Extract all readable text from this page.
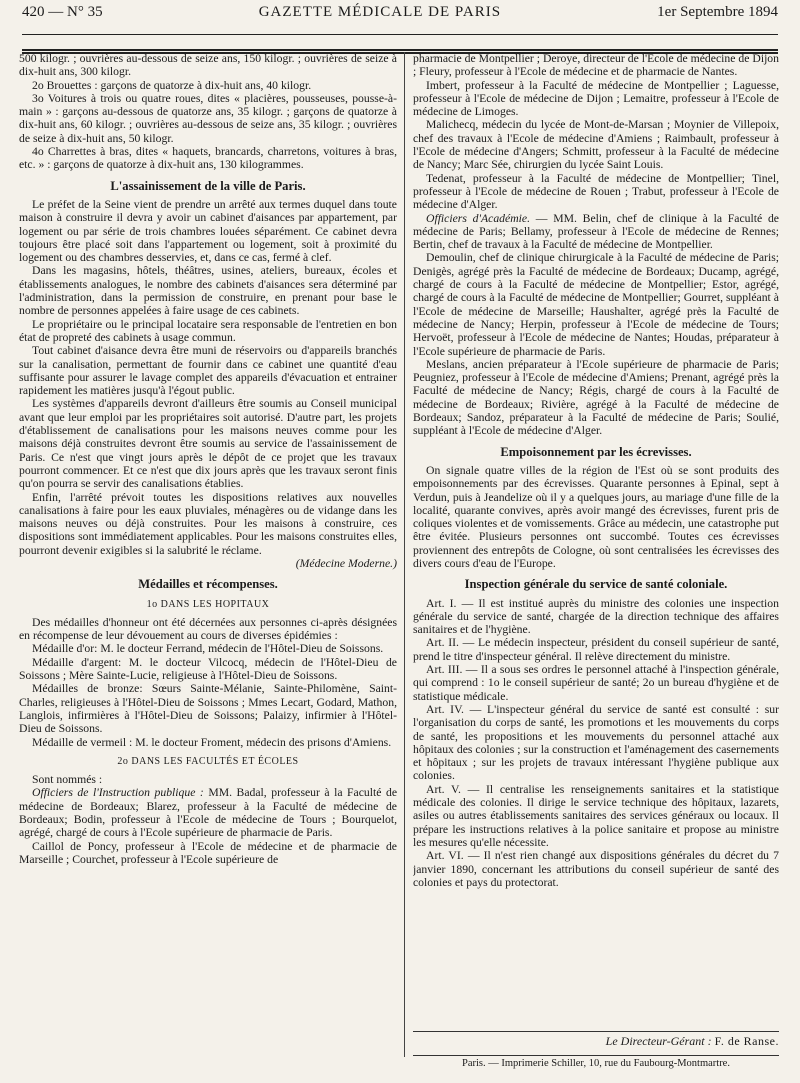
420 — N° 35	GAZETTE MÉDICALE DE PARIS	1er Septembre 1894

500 kilogr. ; ouvrières au-dessous de seize ans, 150 kilogr. ; ouvrières de seize à dix-huit ans, 300 kilogr.

2o Brouettes : garçons de quatorze à dix-huit ans, 40 kilogr.

3o Voitures à trois ou quatre roues, dites « placières, pousseuses, pousse-à-main » : garçons au-dessous de quatorze ans, 35 kilogr. ; garçons de quatorze à dix-huit ans, 60 kilogr. ; ouvrières au-dessous de seize ans, 35 kilogr. ; ouvrières de seize à dix-huit ans, 50 kilogr.

4o Charrettes à bras, dites « haquets, brancards, charretons, voitures à bras, etc. » : garçons de quatorze à dix-huit ans, 130 kilogrammes.

L'assainissement de la ville de Paris.

Le préfet de la Seine vient de prendre un arrêté aux termes duquel dans toute maison à construire il devra y avoir un cabinet d'aisances par appartement, par logement ou par série de trois chambres louées séparément. Ce cabinet devra toujours être placé soit dans l'appartement ou logement, soit à proximité du logement ou des chambres desservies, et, dans ce cas, fermé à clef.

Dans les magasins, hôtels, théâtres, usines, ateliers, bureaux, écoles et établissements analogues, le nombre des cabinets d'aisances sera déterminé par l'administration, dans la permission de construire, en prenant pour base le nombre de personnes appelées à faire usage de ces cabinets.

Le propriétaire ou le principal locataire sera responsable de l'entretien en bon état de propreté des cabinets à usage commun.

Tout cabinet d'aisance devra être muni de réservoirs ou d'appareils branchés sur la canalisation, permettant de fournir dans ce cabinet une quantité d'eau suffisante pour assurer le lavage complet des appareils d'évacuation et entrainer rapidement les matières jusqu'à l'égout public.

Les systèmes d'appareils devront d'ailleurs être soumis au Conseil municipal avant que leur emploi par les propriétaires soit autorisé. D'autre part, les projets d'établissement de canalisations pour les maisons neuves comme pour les maisons déjà construites devront être soumis au service de l'assainissement de Paris. Ce n'est que vingt jours après le dépôt de ce projet que les travaux pourront commencer. Et ce n'est que dix jours après que les travaux seront finis qu'on pourra se servir des canalisations établies.

Enfin, l'arrêté prévoit toutes les dispositions relatives aux nouvelles canalisations à faire pour les eaux pluviales, ménagères ou de vidange dans les maisons neuves ou déjà construites. Pour les maisons à construire, ces dispositions sont immédiatement applicables. Pour les maisons construites elles, pourront devenir exigibles si la salubrité le réclame.

(Médecine Moderne.)
Médailles et récompenses.
1o DANS LES HOPITAUX

Des médailles d'honneur ont été décernées aux personnes ci-après désignées en récompense de leur dévouement au cours de diverses épidémies :

Médaille d'or: M. le docteur Ferrand, médecin de l'Hôtel-Dieu de Soissons.

Médaille d'argent: M. le docteur Vilcocq, médecin de l'Hôtel-Dieu de Soissons ; Mère Sainte-Lucie, religieuse à l'Hôtel-Dieu de Soissons.

Médailles de bronze: Sœurs Sainte-Mélanie, Sainte-Philomène, Saint-Charles, religieuses à l'Hôtel-Dieu de Soissons ; Mmes Lecart, Godard, Mathon, Langlois, infirmières à l'Hôtel-Dieu de Soissons; Palaizy, infirmier à l'Hôtel-Dieu de Soissons.

Médaille de vermeil : M. le docteur Froment, médecin des prisons d'Amiens.

2o DANS LES FACULTÉS ET ÉCOLES

Sont nommés :

Officiers de l'Instruction publique : MM. Badal, professeur à la Faculté de médecine de Bordeaux; Blarez, professeur à la Faculté de médecine de Bordeaux; Bodin, professeur à l'Ecole de médecine de Tours ; Bourquelot, agrégé, chargé de cours à l'Ecole supérieure de pharmacie de Paris.

Caillol de Poncy, professeur à l'Ecole de médecine et de pharmacie de Marseille ; Courchet, professeur à l'Ecole supérieure de

pharmacie de Montpellier ; Deroye, directeur de l'Ecole de médecine de Dijon ; Fleury, professeur à l'Ecole de médecine et de pharmacie de Nantes.

Imbert, professeur à la Faculté de médecine de Montpellier ; Laguesse, professeur à l'Ecole de médecine de Dijon ; Lemaitre, professeur à l'Ecole de médecine de Limoges.

Malichecq, médecin du lycée de Mont-de-Marsan ; Moynier de Villepoix, chef des travaux à l'Ecole de médecine d'Amiens ; Raimbault, professeur à l'Ecole de médecine d'Angers; Schmitt, professeur à la Faculté de médecine de Nancy; Marc Sée, chirurgien du lycée Saint Louis.

Tedenat, professeur à la Faculté de médecine de Montpellier; Tinel, professeur à l'Ecole de médecine de Rouen ; Trabut, professeur à l'Ecole de médecine d'Alger.

Officiers d'Académie. — MM. Belin, chef de clinique à la Faculté de médecine de Paris; Bellamy, professeur à l'Ecole de médecine de Rennes; Bertin, chef de travaux à la Faculté de médecine de Montpellier.

Demoulin, chef de clinique chirurgicale à la Faculté de médecine de Paris; Denigès, agrégé près la Faculté de médecine de Bordeaux; Ducamp, agrégé, chargé de cours à la Faculté de médecine de Montpellier; Estor, agrégé, chargé de cours à la Faculté de médecine de Montpellier; Gourret, suppléant à l'Ecole de médecine de Marseille; Haushalter, agrégé près la Faculté de médecine de Nancy; Herpin, professeur à l'Ecole de médecine de Tours; Hervoët, professeur à l'Ecole de médecine de Nantes; Houdas, préparateur à l'Ecole supérieure de pharmacie de Paris.

Meslans, ancien préparateur à l'Ecole supérieure de pharmacie de Paris; Peugniez, professeur à l'Ecole de médecine d'Amiens; Prenant, agrégé près la Faculté de médecine de Nancy; Régis, chargé de cours à la Faculté de médecine de Bordeaux; Rivière, agrégé à la Faculté de médecine de Bordeaux; Sandoz, préparateur à la Faculté de médecine de Paris; Soulié, suppléant à l'Ecole de médecine d'Alger.

Empoisonnement par les écrevisses.

On signale quatre villes de la région de l'Est où se sont produits des empoisonnements par des écrevisses. Quarante personnes à Epinal, sept à Verdun, puis à Jeandelize où il y a quelques jours, au mariage d'une fille de la localité, quarante convives, après avoir mangé des écrevisses, furent pris de coliques violentes et de vomissements. Grâce au médecin, une catastrophe put être évitée. Plusieurs personnes ont succombé. Toutes ces écrevisses proviennent des entrepôts de Cologne, où sont centralisées les écrevisses des divers cours d'eau de l'Europe.

Inspection générale du service de santé coloniale.

Art. I. — Il est institué auprès du ministre des colonies une inspection générale du service de santé, chargée de la direction technique des affaires sanitaires et de l'hygiène.

Art. II. — Le médecin inspecteur, président du conseil supérieur de santé, prend le titre d'inspecteur général. Il relève directement du ministre.

Art. III. — Il a sous ses ordres le personnel attaché à l'inspection générale, qui comprend : 1o le conseil supérieur de santé; 2o un bureau d'hygiène et de statistique médicale.

Art. IV. — L'inspecteur général du service de santé est consulté : sur l'organisation du corps de santé, les promotions et les mouvements du corps de santé, les propositions et les mouvements du personnel attaché aux hôpitaux des colonies ; sur la construction et l'aménagement des casernements et hôpitaux ; sur les projets de travaux intéressant l'hygiène publique aux colonies.

Art. V. — Il centralise les renseignements sanitaires et la statistique médicale des colonies. Il dirige le service technique des hôpitaux, lazarets, asiles ou autres établissements sanitaires des services généraux ou locaux. Il prépare les instructions relatives à la police sanitaire et propose au ministre les mesures qu'elle nécessite.

Art. VI. — Il n'est rien changé aux dispositions générales du décret du 7 janvier 1890, concernant les attributions du conseil supérieur de santé des colonies et pays du protectorat.

Le Directeur-Gérant : F. de Ranse.
Paris. — Imprimerie Schiller, 10, rue du Faubourg-Montmartre.
